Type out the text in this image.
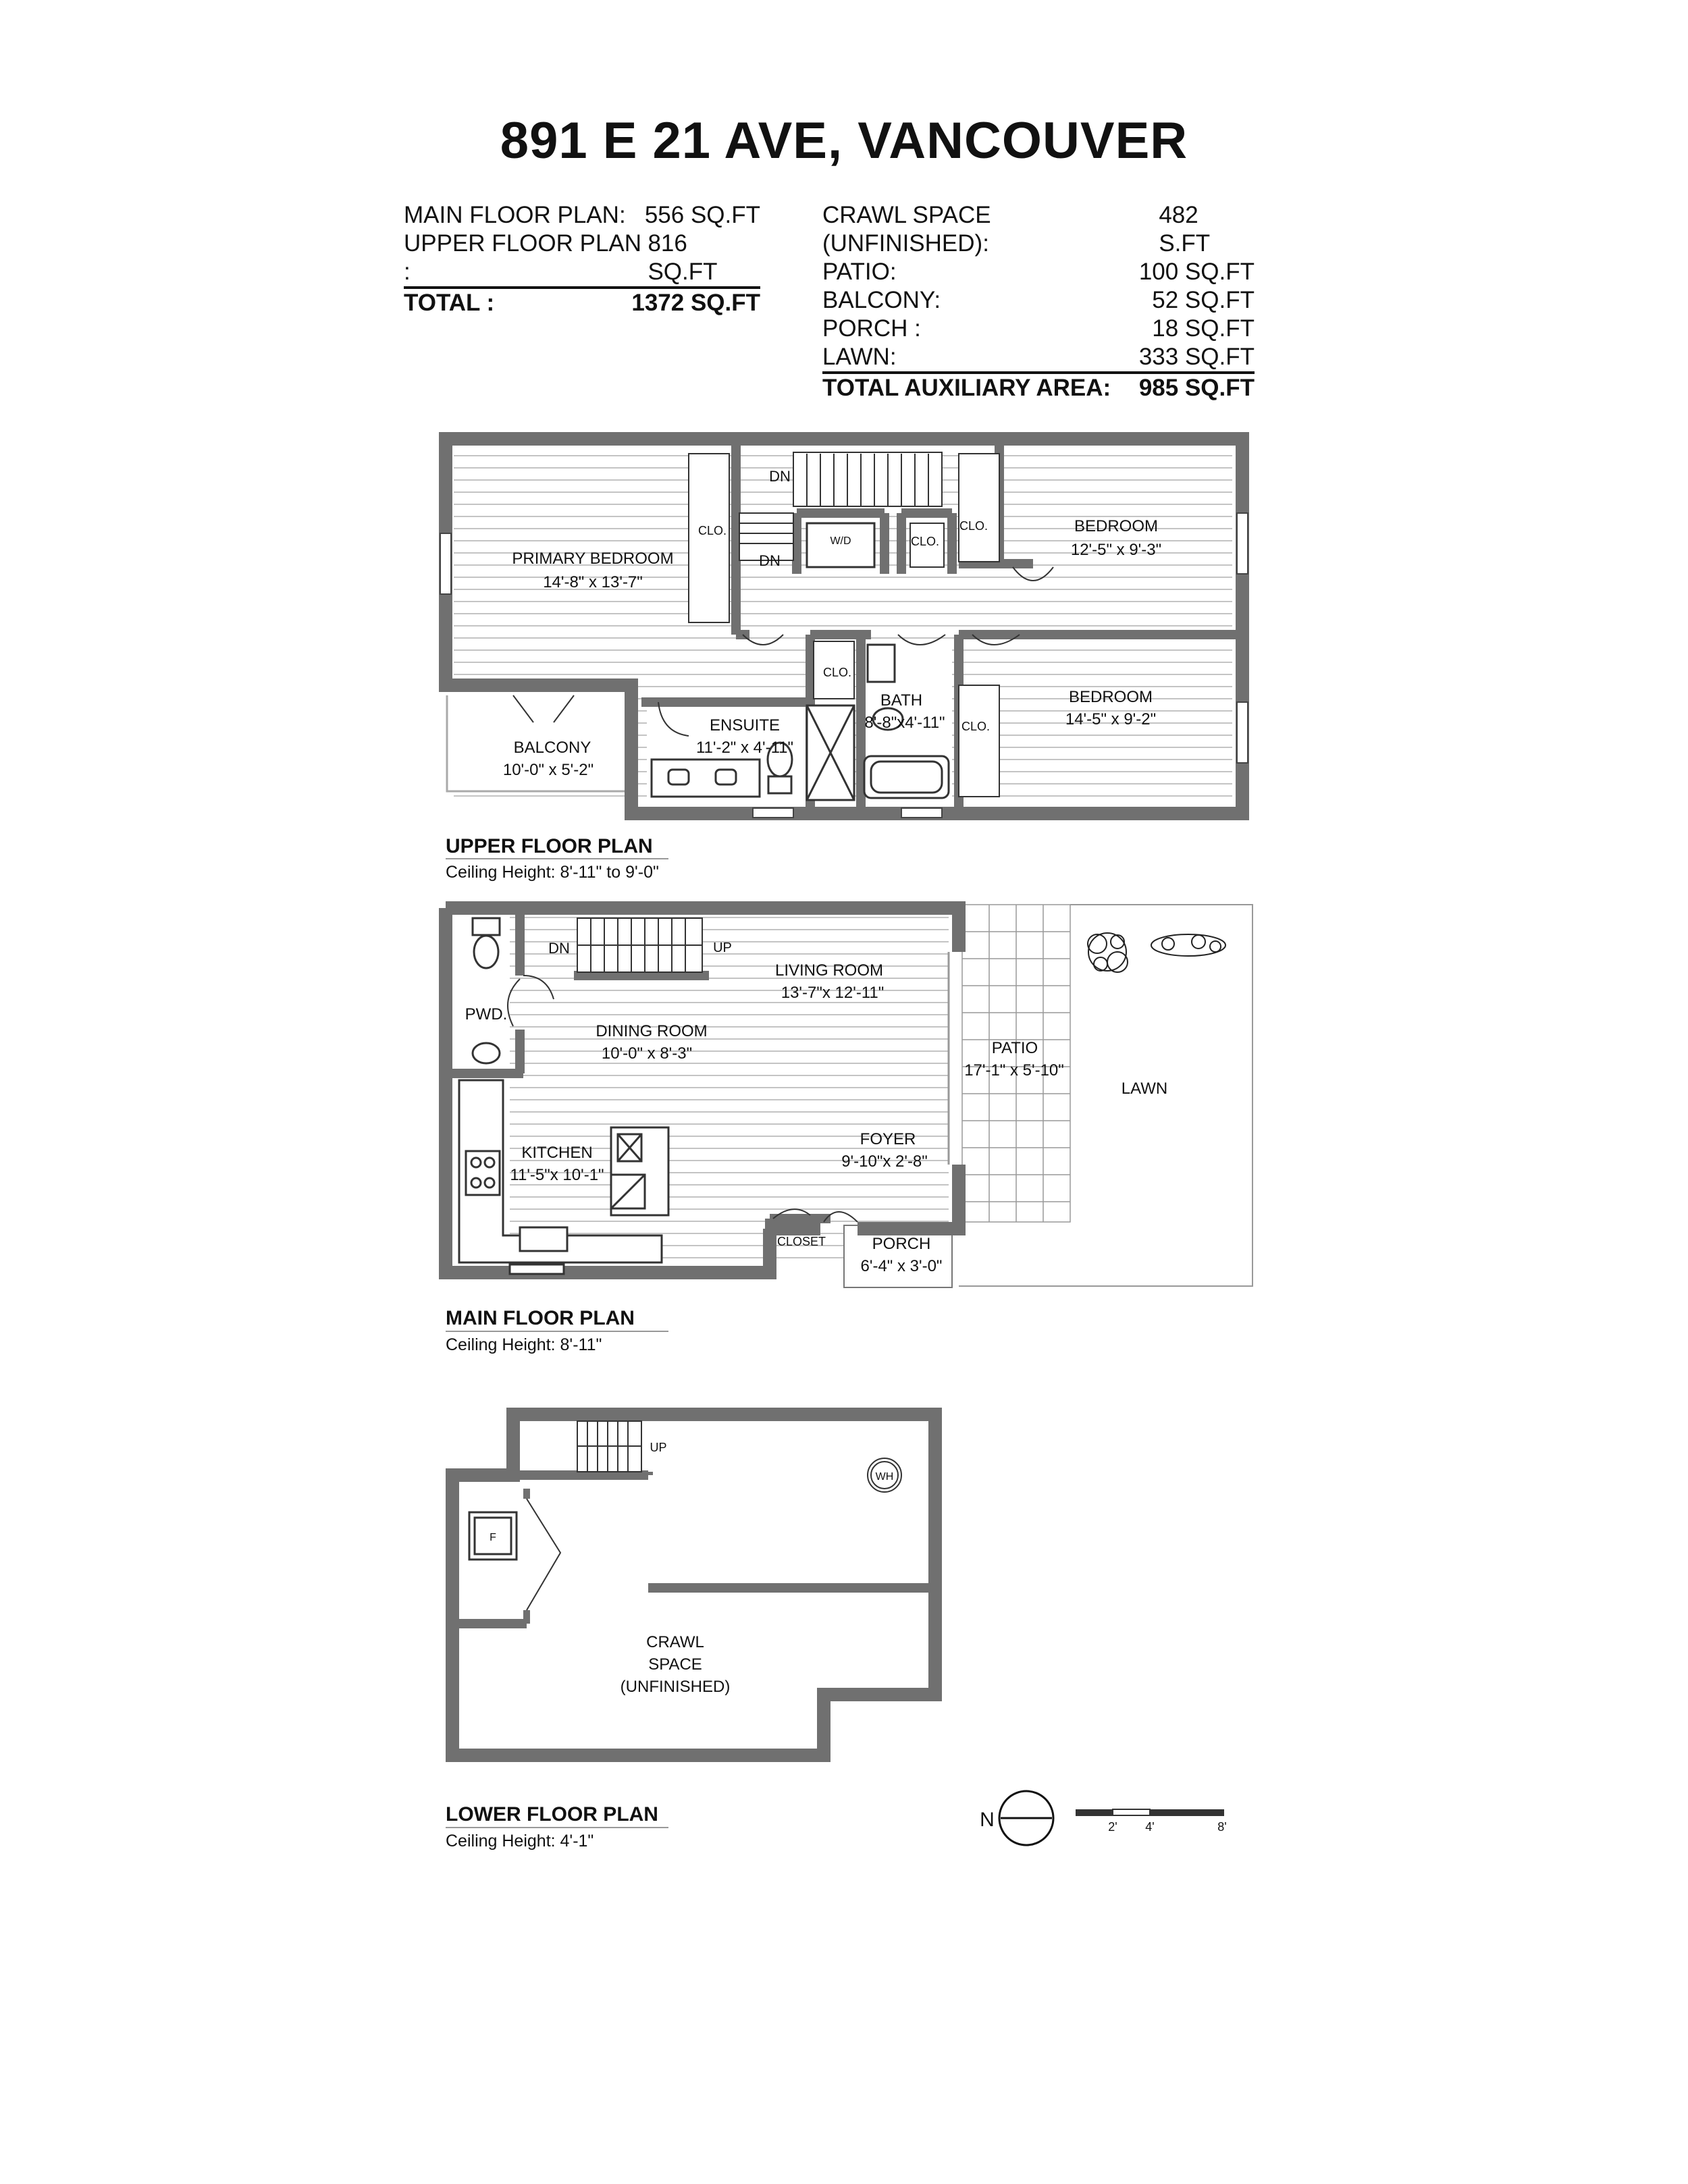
891 E 21 AVE, VANCOUVER
MAIN FLOOR PLAN: 556 SQ.FT
UPPER FLOOR PLAN :
816 SQ.FT
TOTAL :	1372 SQ.FT
CRAWL SPACE (UNFINISHED):
482 S.FT
PATIO:	100 SQ.FT
BALCONY:	52 SQ.FT
PORCH :	18 SQ.FT
LAWN:	333 SQ.FT
TOTAL AUXILIARY AREA: 985 SQ.FT
PRIMARY BEDROOM
14'-8" x 13'-7"
BEDROOM
12'-5" x 9'-3"
BEDROOM
14'-5" x 9'-2"
BALCONY
10'-0" x 5'-2"
ENSUITE
11'-2" x 4'-11"
BATH
8'-8"x4'-11"
CLO.
CLO.
CLO.
CLO.
CLO.
W/D
DN
DN
UPPER FLOOR PLAN
Ceiling Height: 8'-11" to 9'-0"
LIVING ROOM
13'-7"x 12'-11"
DINING ROOM
10'-0" x 8'-3"
KITCHEN
11'-5"x 10'-1"
FOYER
9'-10"x 2'-8"
PATIO
17'-1" x 5'-10"
LAWN
PORCH
6'-4" x 3'-0"
PWD.
DN	UP
CLOSET
MAIN FLOOR PLAN
Ceiling Height: 8'-11"
CRAWL
SPACE
(UNFINISHED)
UP
WH
F
LOWER FLOOR PLAN
Ceiling Height: 4'-1"
N	2' 4'	8'
